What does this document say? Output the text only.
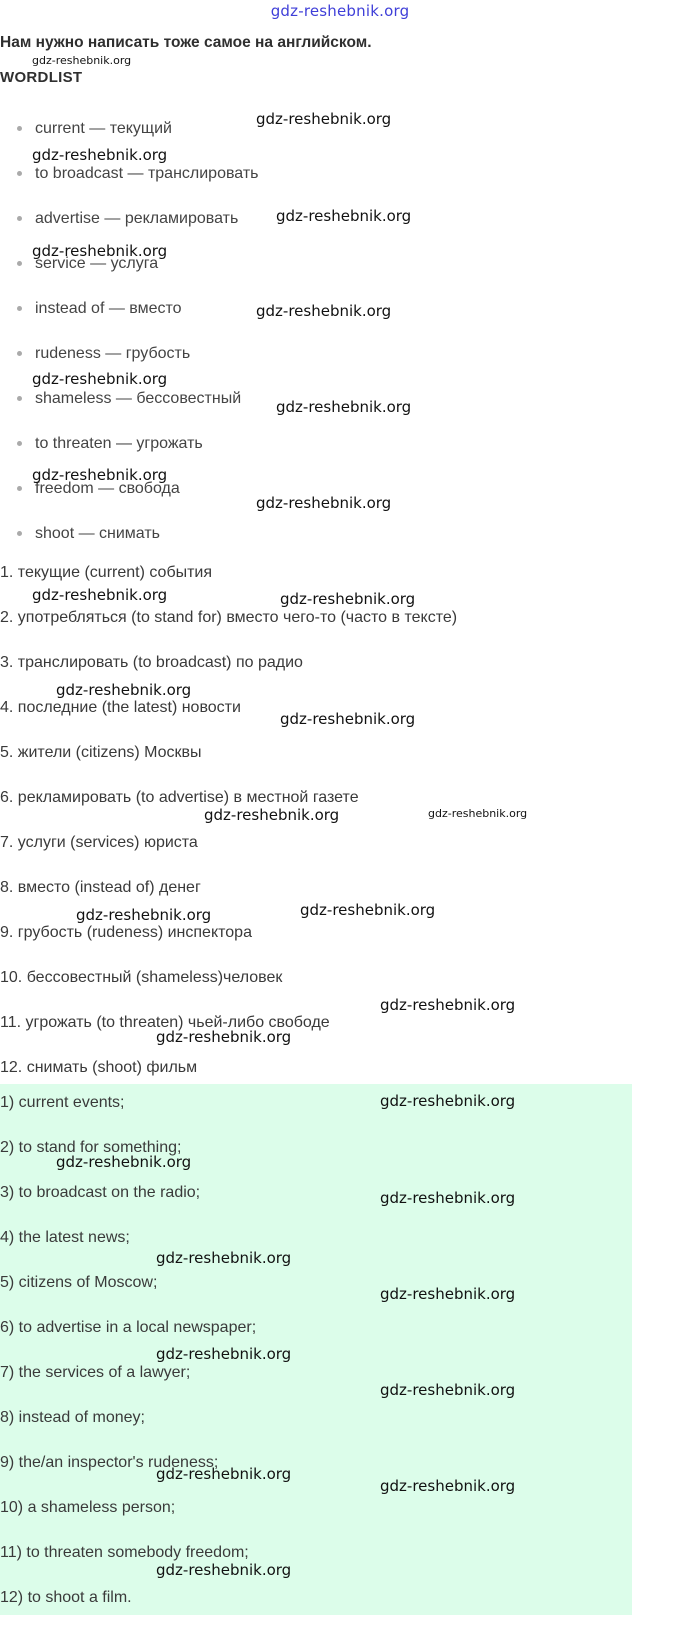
gdz-reshebnik.org
Нам нужно написать тоже самое на английском.
WORDLIST
current — текущий
to broadcast — транслировать
advertise — рекламировать
service — услуга
instead of — вместо
rudeness — грубость
shameless — бессовестный
to threaten — угрожать
freedom — свобода
shoot — снимать
1. текущие (current) события
2. употребляться (to stand for) вместо чего-то (часто в тексте)
3. транслировать (to broadcast) по радио
4. последние (the latest) новости
5. жители (citizens) Москвы
6. рекламировать (to advertise) в местной газете
7. услуги (services) юриста
8. вместо (instead of) денег
9. грубость (rudeness) инспектора
10. бессовестный (shameless)человек
11. угрожать (to threaten) чьей-либо свободе
12. снимать (shoot) фильм
1) current events;
2) to stand for something;
3) to broadcast on the radio;
4) the latest news;
5) citizens of Moscow;
6) to advertise in a local newspaper;
7) the services of a lawyer;
8) instead of money;
9) the/an inspector's rudeness;
10) a shameless person;
11) to threaten somebody freedom;
12) to shoot a film.
gdz-reshebnik.org
gdz-reshebnik.org
gdz-reshebnik.org
gdz-reshebnik.org
gdz-reshebnik.org
gdz-reshebnik.org
gdz-reshebnik.org
gdz-reshebnik.org
gdz-reshebnik.org
gdz-reshebnik.org
gdz-reshebnik.org	gdz-reshebnik.org
gdz-reshebnik.org
gdz-reshebnik.org
gdz-reshebnik.org	gdz-reshebnik.org
gdz-reshebnik.org	gdz-reshebnik.org
gdz-reshebnik.org
gdz-reshebnik.org
gdz-reshebnik.org
gdz-reshebnik.org
gdz-reshebnik.org
gdz-reshebnik.org
gdz-reshebnik.org
gdz-reshebnik.org
gdz-reshebnik.org
gdz-reshebnik.org
gdz-reshebnik.org
gdz-reshebnik.org
